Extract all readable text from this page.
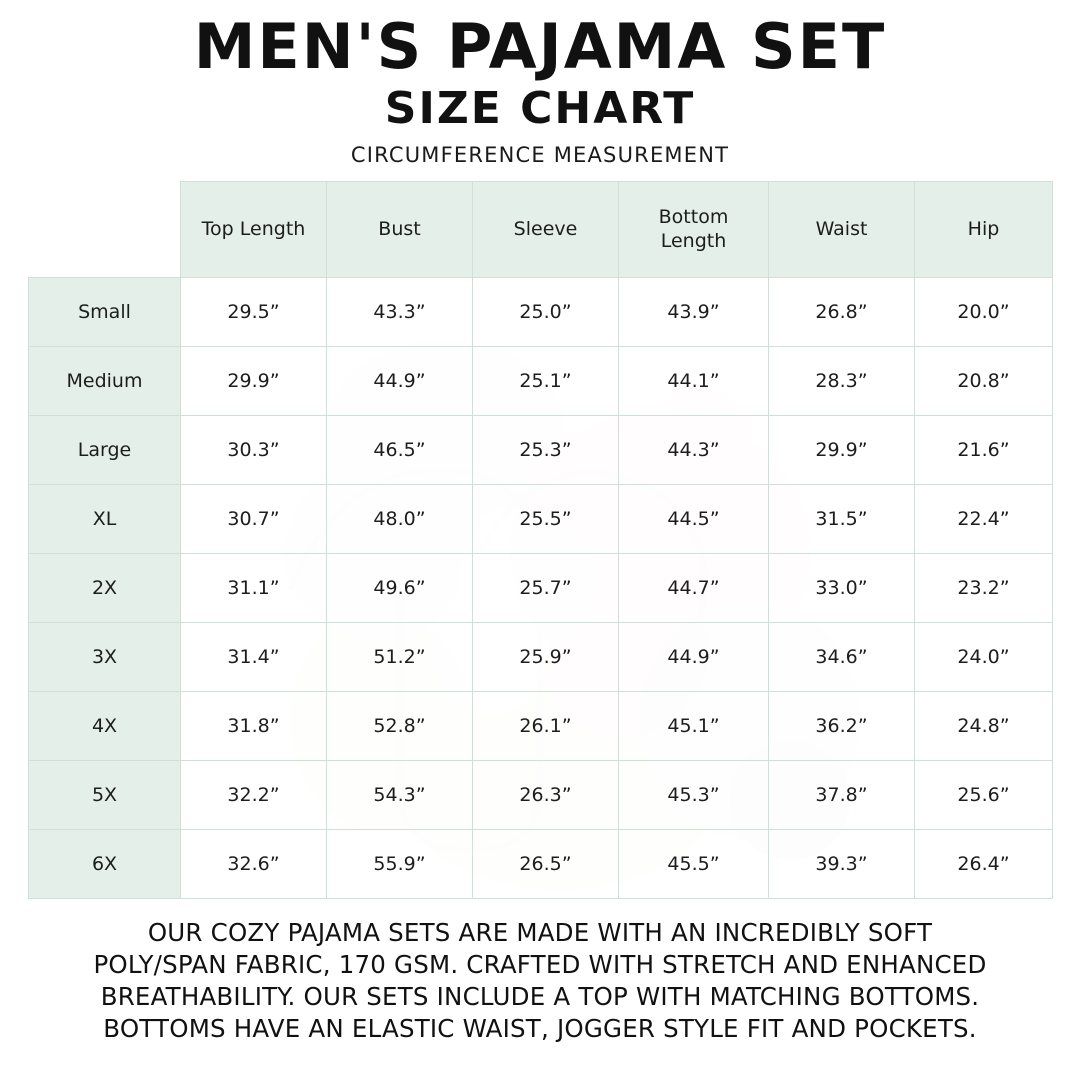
MEN'S PAJAMA SET
SIZE CHART

CIRCUMFERENCE MEASUREMENT

	Top Length	Bust	Sleeve	Bottom Length	Waist	Hip
Small	29.5”	43.3”	25.0”	43.9”	26.8”	20.0”
Medium	29.9”	44.9”	25.1”	44.1”	28.3”	20.8”
Large	30.3”	46.5”	25.3”	44.3”	29.9”	21.6”
XL	30.7”	48.0”	25.5”	44.5”	31.5”	22.4”
2X	31.1”	49.6”	25.7”	44.7”	33.0”	23.2”
3X	31.4”	51.2”	25.9”	44.9”	34.6”	24.0”
4X	31.8”	52.8”	26.1”	45.1”	36.2”	24.8”
5X	32.2”	54.3”	26.3”	45.3”	37.8”	25.6”
6X	32.6”	55.9”	26.5”	45.5”	39.3”	26.4”
OUR COZY PAJAMA SETS ARE MADE WITH AN INCREDIBLY SOFT
POLY/SPAN FABRIC, 170 GSM. CRAFTED WITH STRETCH AND ENHANCED
BREATHABILITY. OUR SETS INCLUDE A TOP WITH MATCHING BOTTOMS.
BOTTOMS HAVE AN ELASTIC WAIST, JOGGER STYLE FIT AND POCKETS.
